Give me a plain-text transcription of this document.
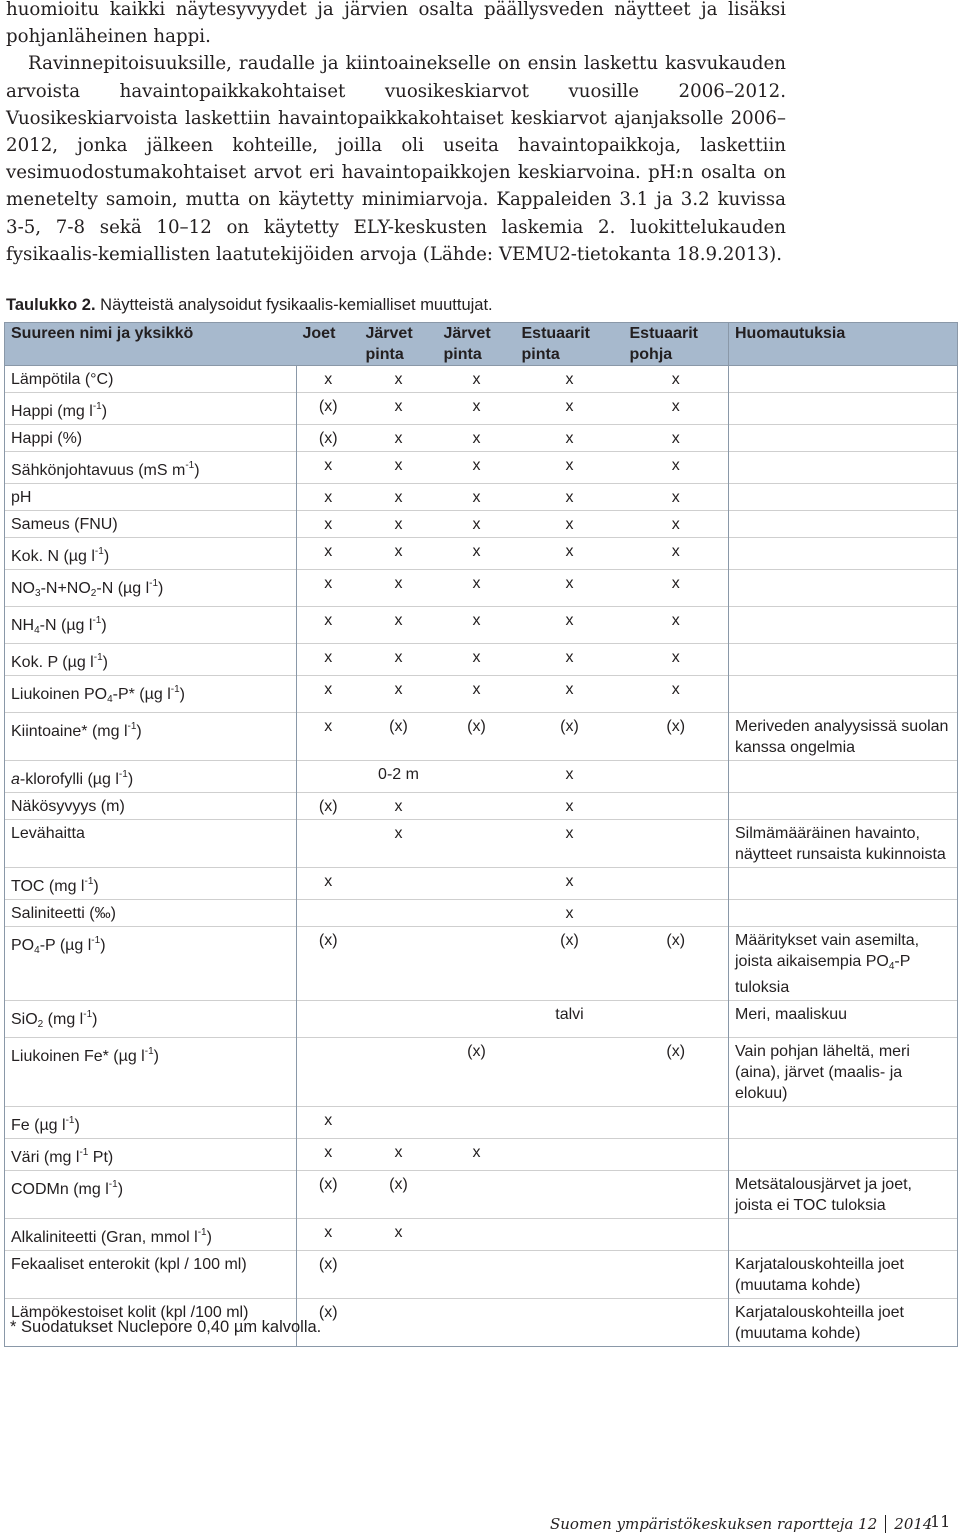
huomioitu kaikki näytesyvyydet ja järvien osalta päällysveden näytteet ja lisäksi pohjanläheinen happi.

Ravinnepitoisuuksille, raudalle ja kiintoainekselle on ensin laskettu kasvukauden arvoista havaintopaikkakohtaiset vuosikeskiarvot vuosille 2006–2012. Vuosikeskiarvoista laskettiin havaintopaikkakohtaiset keskiarvot ajanjaksolle 2006–2012, jonka jälkeen kohteille, joilla oli useita havaintopaikkoja, laskettiin vesimuodostumakohtaiset arvot eri havaintopaikkojen keskiarvoina. pH:n osalta on menetelty samoin, mutta on käytetty minimiarvoja. Kappaleiden 3.1 ja 3.2 kuvissa 3-5, 7-8 sekä 10–12 on käytetty ELY-keskusten laskemia 2. luokittelukauden fysikaalis-kemiallisten laatutekijöiden arvoja (Lähde: VEMU2-tietokanta 18.9.2013).

Taulukko 2. Näytteistä analysoidut fysikaalis-kemialliset muuttujat.
Suureen nimi ja yksikkö	Joet	Järvet pinta	Järvet pinta	Estuaarit pinta	Estuaarit pohja	Huomautuksia
Lämpötila (°C)	x	x	x	x	x	
Happi (mg $l^{-1}$)	(x)	x	x	x	x	
Happi (%)	(x)	x	x	x	x	
Sähkönjohtavuus (mS $m^{-1}$)	x	x	x	x	x	
pH	x	x	x	x	x	
Sameus (FNU)	x	x	x	x	x	
Kok. N (µg $l^{-1}$)	x	x	x	x	x	
$NO_3-N+NO_2-N$ (µg $l^{-1}$)	x	x	x	x	x	
$NH_4-N$ (µg $l^{-1}$)	x	x	x	x	x	
Kok. P (µg $l^{-1}$)	x	x	x	x	x	
Liukoinen $PO_4-P*$ (µg $l^{-1}$)	x	x	x	x	x	
Kiintoaine* (mg $l^{-1}$)	x	(x)	(x)	(x)	(x)	Meriveden analyysissä suolan kanssa ongelmia
a-klorofylli (µg $l^{-1}$)		0-2 m		x		
Näkösyvyys (m)	(x)	x		x		
Levähaitta		x		x		Silmämääräinen havainto, näytteet runsaista kukinnoista
TOC (mg $l^{-1}$)	x			x		
Saliniteetti (‰)				x		
$PO_4-P$ (µg $l^{-1}$)	(x)			(x)	(x)	Määritykset vain asemilta, joista aikaisempia $PO_4-P$ tuloksia
SiO$_2$ (mg $l^{-1}$)				talvi		Meri, maaliskuu
Liukoinen Fe* (µg $l^{-1}$)			(x)		(x)	Vain pohjan läheltä, meri (aina), järvet (maalis- ja elokuu)
Fe (µg $l^{-1}$)	x					
Väri (mg $l^{-1}$ Pt)	x	x	x			
CODMn (mg $l^{-1}$)	(x)	(x)				Metsätalousjärvet ja joet, joista ei TOC tuloksia
Alkaliniteetti (Gran, mmol $l^{-1}$)	x	x				
Fekaaliset enterokit (kpl / 100 ml)	(x)					Karjatalouskohteilla joet (muutama kohde)
Lämpökestoiset kolit (kpl /100 ml)	(x)					Karjatalouskohteilla joet (muutama kohde)
* Suodatukset Nuclepore 0,40 µm kalvolla.
Suomen ympäristökeskuksen raportteja 12 2014
11
